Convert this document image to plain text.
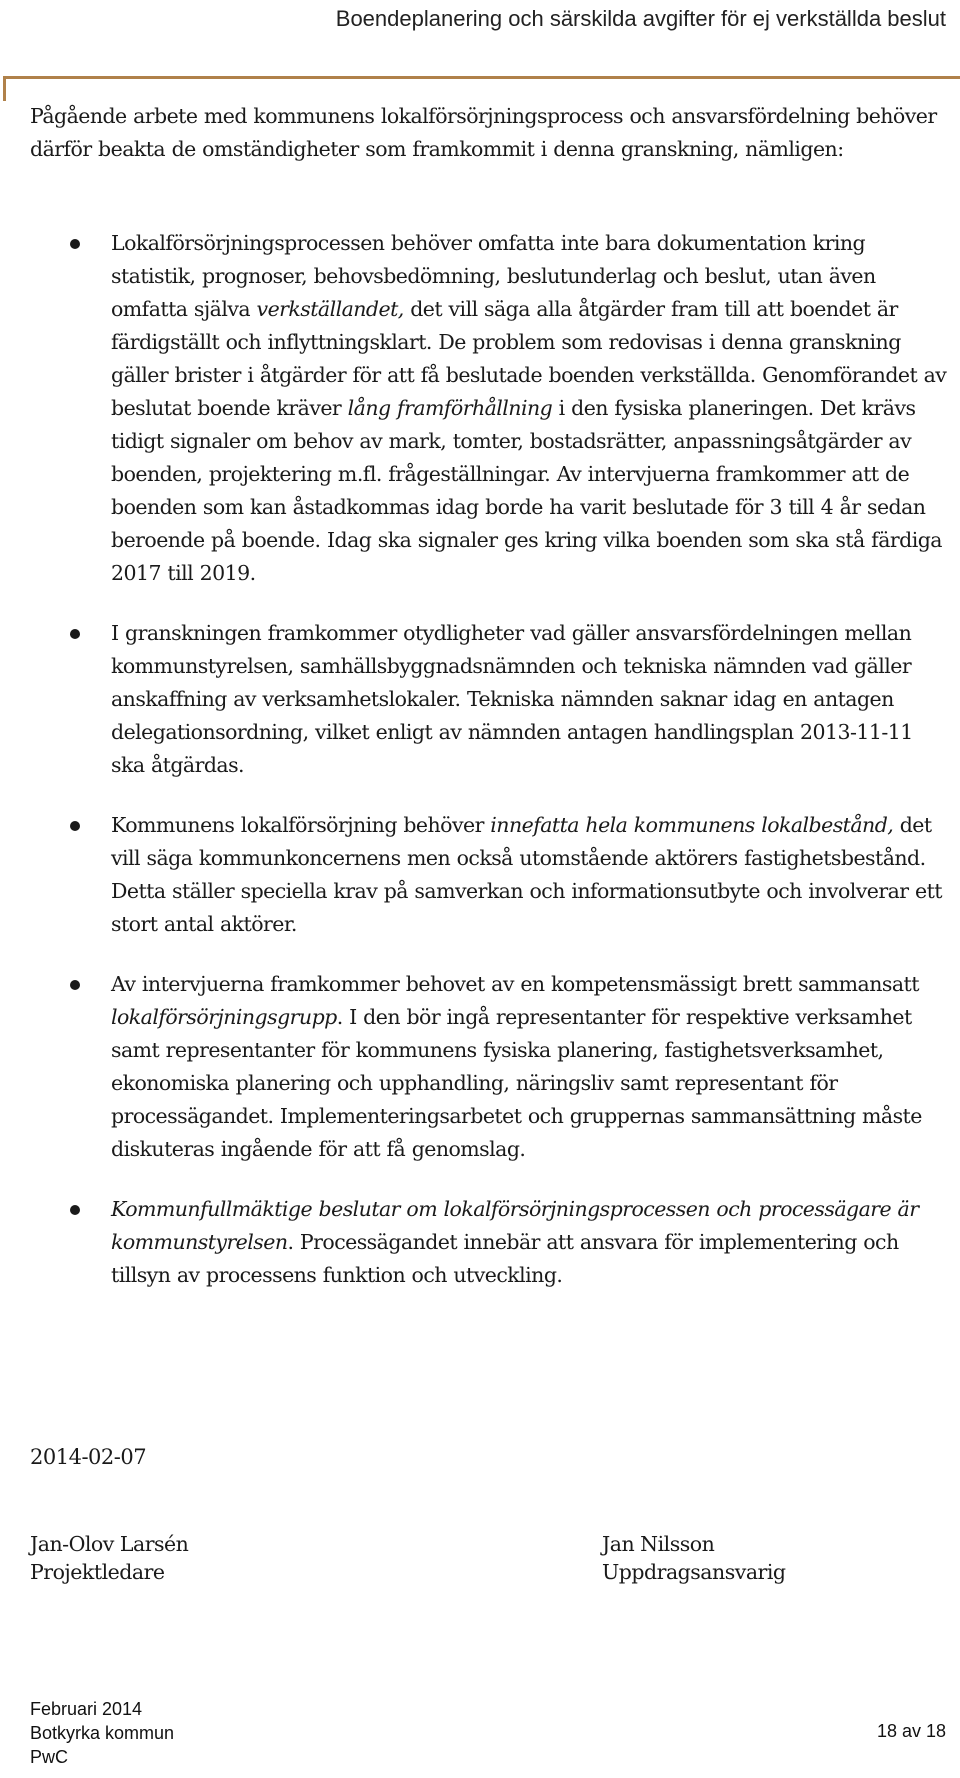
Boendeplanering och särskilda avgifter för ej verkställda beslut

Pågående arbete med kommunens lokalförsörjningsprocess och ansvarsfördelning behöver därför beakta de omständigheter som framkommit i denna granskning, nämligen:

Lokalförsörjningsprocessen behöver omfatta inte bara dokumentation kring statistik, prognoser, behovsbedömning, beslutunderlag och beslut, utan även omfatta själva verkställandet, det vill säga alla åtgärder fram till att boendet är färdigställt och inflyttningsklart. De problem som redovisas i denna granskning gäller brister i åtgärder för att få beslutade boenden verkställda. Genomförandet av beslutat boende kräver lång framförhållning i den fysiska planeringen. Det krävs tidigt signaler om behov av mark, tomter, bostadsrätter, anpassningsåtgärder av boenden, projektering m.fl. frågeställningar. Av intervjuerna framkommer att de boenden som kan åstadkommas idag borde ha varit beslutade för 3 till 4 år sedan beroende på boende. Idag ska signaler ges kring vilka boenden som ska stå färdiga 2017 till 2019.
I granskningen framkommer otydligheter vad gäller ansvarsfördelningen mellan kommunstyrelsen, samhällsbyggnadsnämnden och tekniska nämnden vad gäller anskaffning av verksamhetslokaler. Tekniska nämnden saknar idag en antagen delegationsordning, vilket enligt av nämnden antagen handlingsplan 2013-11-11 ska åtgärdas.
Kommunens lokalförsörjning behöver innefatta hela kommunens lokalbestånd, det vill säga kommunkoncernens men också utomstående aktörers fastighetsbestånd. Detta ställer speciella krav på samverkan och informationsutbyte och involverar ett stort antal aktörer.
Av intervjuerna framkommer behovet av en kompetensmässigt brett sammansatt lokalförsörjningsgrupp. I den bör ingå representanter för respektive verksamhet samt representanter för kommunens fysiska planering, fastighetsverksamhet, ekonomiska planering och upphandling, näringsliv samt representant för processägandet. Implementeringsarbetet och gruppernas sammansättning måste diskuteras ingående för att få genomslag.
Kommunfullmäktige beslutar om lokalförsörjningsprocessen och processägare är kommunstyrelsen. Processägandet innebär att ansvara för implementering och tillsyn av processens funktion och utveckling.
2014-02-07
Jan-Olov Larsén
Projektledare
Jan Nilsson
Uppdragsansvarig
Februari 2014
Botkyrka kommun
PwC
18 av 18
